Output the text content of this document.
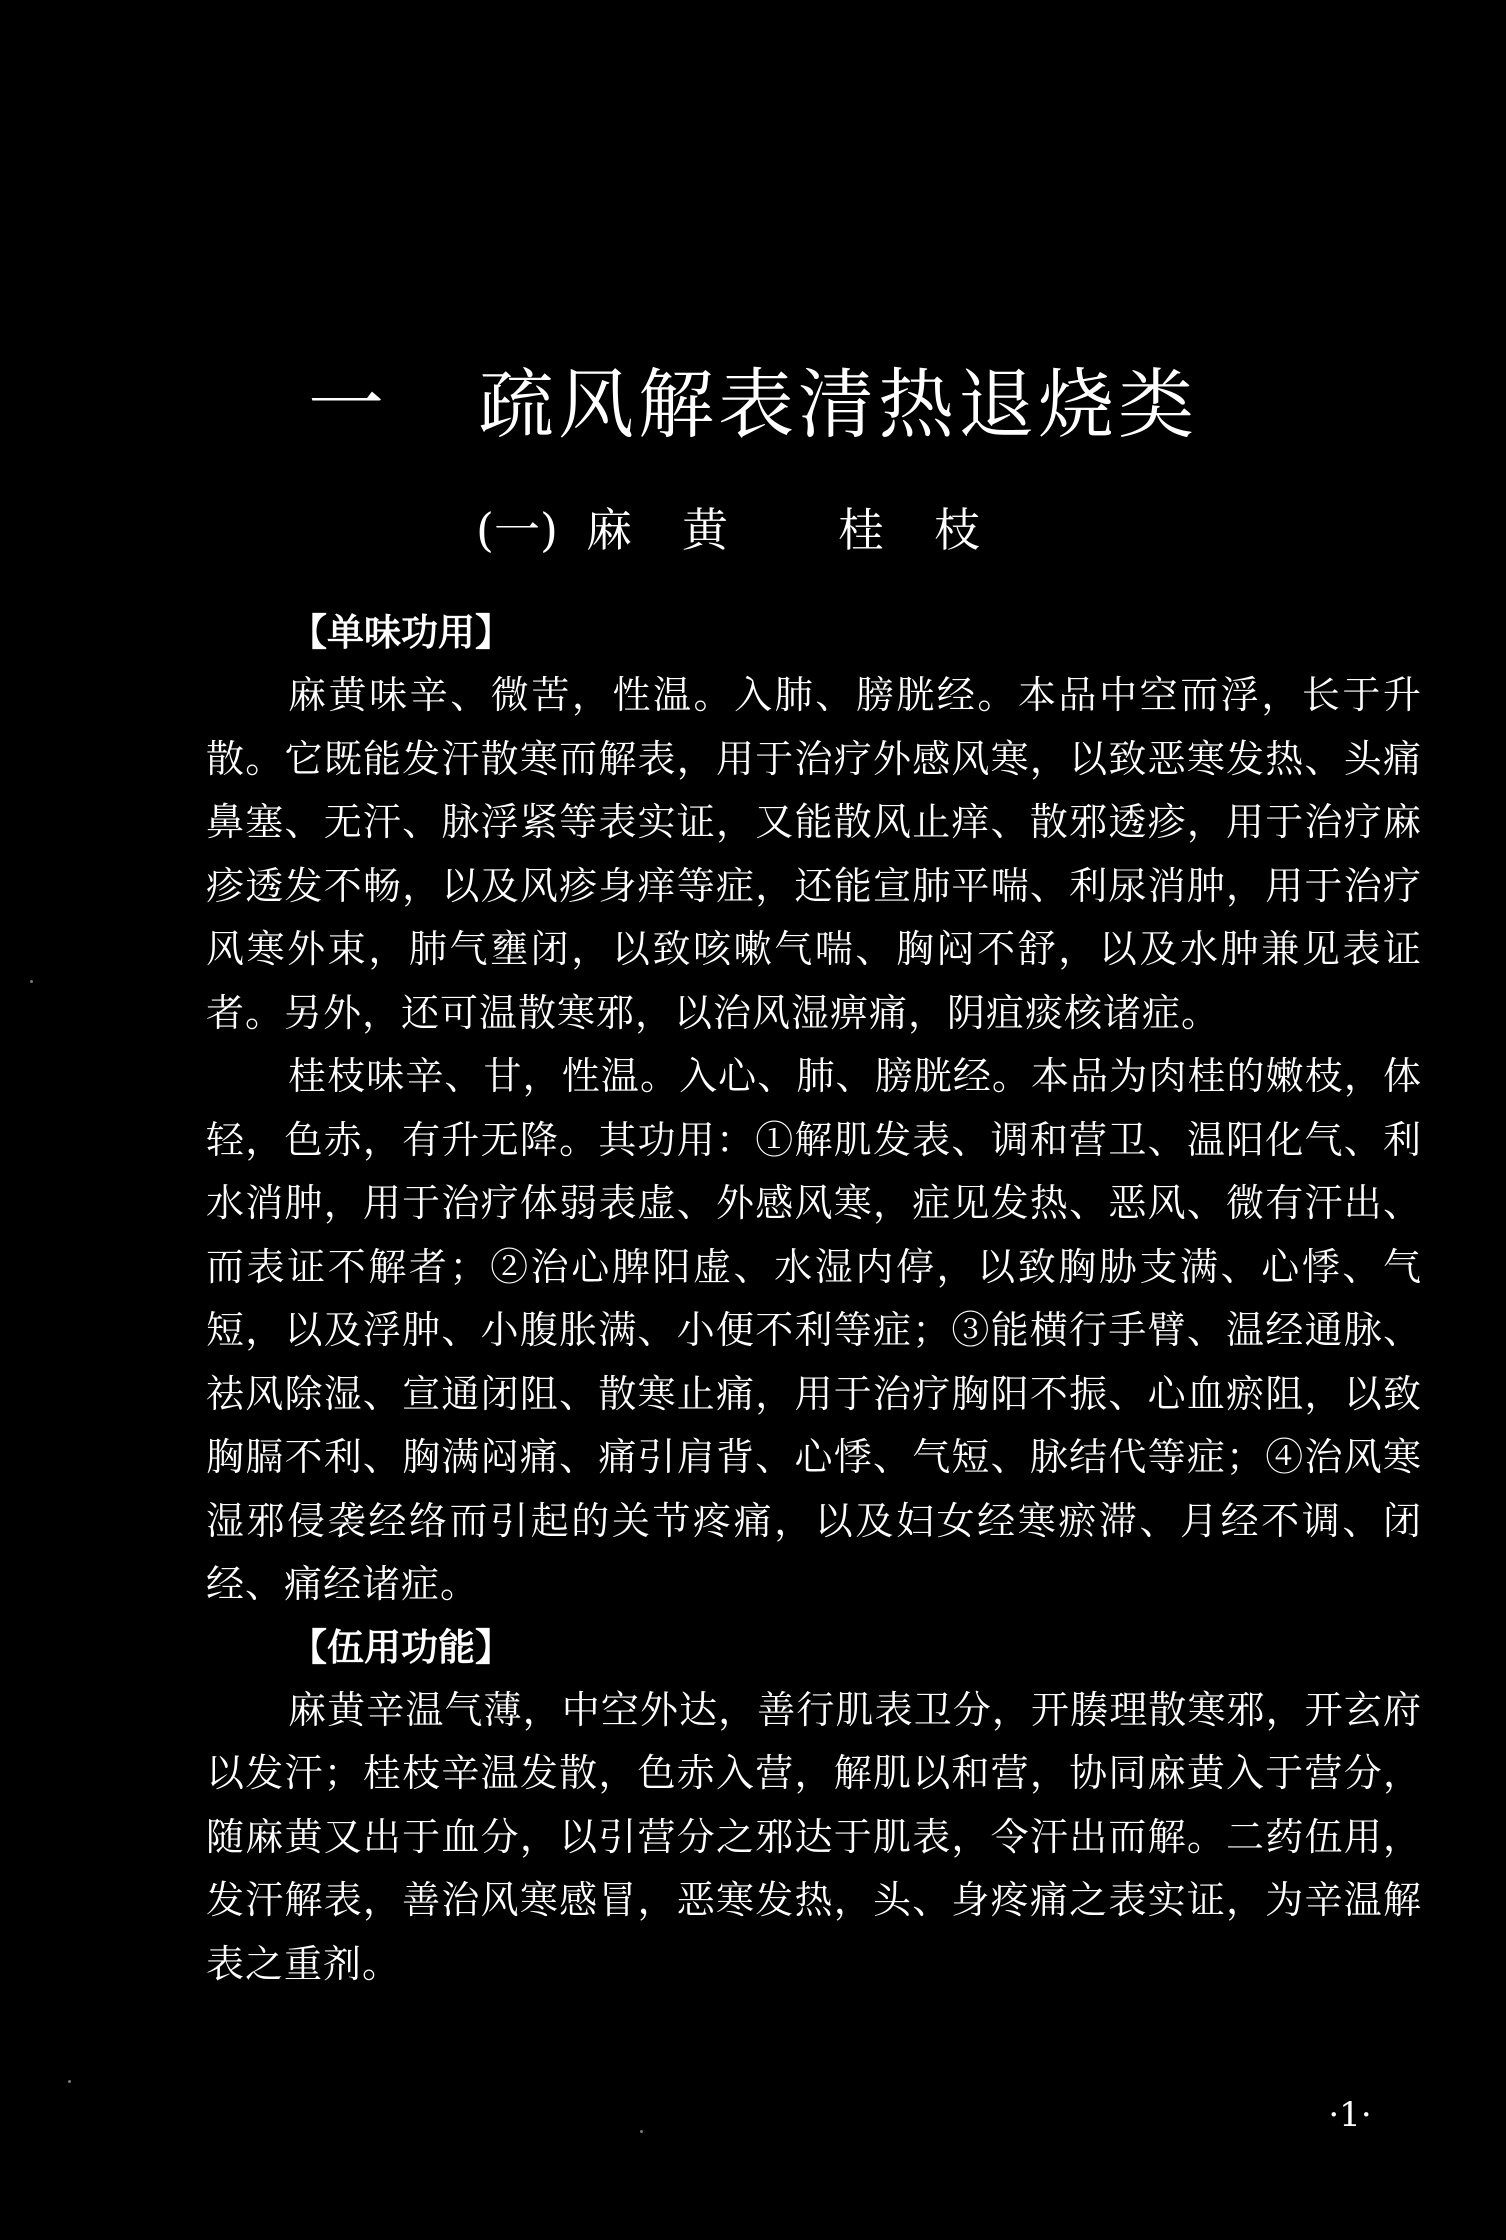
一 疏风解表清热退烧类
(一) 麻黄 桂枝
【单味功用】

麻黄味辛、微苦，性温。入肺、膀胱经。本品中空而浮，长于升散。它既能发汗散寒而解表，用于治疗外感风寒，以致恶寒发热、头痛鼻塞、无汗、脉浮紧等表实证，又能散风止痒、散邪透疹，用于治疗麻疹透发不畅，以及风疹身痒等症，还能宣肺平喘、利尿消肿，用于治疗风寒外束，肺气壅闭，以致咳嗽气喘、胸闷不舒，以及水肿兼见表证者。另外，还可温散寒邪，以治风湿痹痛，阴疽痰核诸症。

桂枝味辛、甘，性温。入心、肺、膀胱经。本品为肉桂的嫩枝，体轻，色赤，有升无降。其功用：①解肌发表、调和营卫、温阳化气、利水消肿，用于治疗体弱表虚、外感风寒，症见发热、恶风、微有汗出、而表证不解者；②治心脾阳虚、水湿内停，以致胸胁支满、心悸、气短，以及浮肿、小腹胀满、小便不利等症；③能横行手臂、温经通脉、祛风除湿、宣通闭阻、散寒止痛，用于治疗胸阳不振、心血瘀阻，以致胸膈不利、胸满闷痛、痛引肩背、心悸、气短、脉结代等症；④治风寒湿邪侵袭经络而引起的关节疼痛，以及妇女经寒瘀滞、月经不调、闭经、痛经诸症。

【伍用功能】

麻黄辛温气薄，中空外达，善行肌表卫分，开腠理散寒邪，开玄府以发汗；桂枝辛温发散，色赤入营，解肌以和营，协同麻黄入于营分，随麻黄又出于血分，以引营分之邪达于肌表，令汗出而解。二药伍用，发汗解表，善治风寒感冒，恶寒发热，头、身疼痛之表实证，为辛温解表之重剂。

·1·
